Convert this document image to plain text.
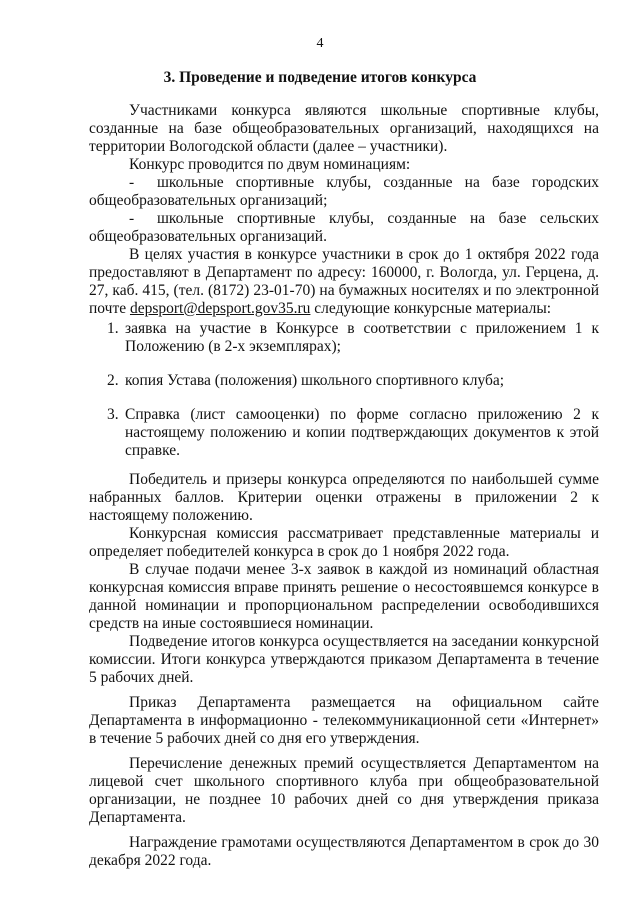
4
3. Проведение и подведение итогов конкурса

Участниками конкурса являются школьные спортивные клубы, созданные на базе общеобразовательных организаций, находящихся на территории Вологодской области (далее – участники).

Конкурс проводится по двум номинациям:

- школьные спортивные клубы, созданные на базе городских общеобразовательных организаций;

- школьные спортивные клубы, созданные на базе сельских общеобразовательных организаций.

В целях участия в конкурсе участники в срок до 1 октября 2022 года предоставляют в Департамент по адресу: 160000, г. Вологда, ул. Герцена, д. 27, каб. 415, (тел. (8172) 23-01-70) на бумажных носителях и по электронной почте depsport@depsport.gov35.ru следующие конкурсные материалы:

1. заявка на участие в Конкурсе в соответствии с приложением 1 к Положению (в 2-х экземплярах);
2. копия Устава (положения) школьного спортивного клуба;
3. Справка (лист самооценки) по форме согласно приложению 2 к настоящему положению и копии подтверждающих документов к этой справке.

Победитель и призеры конкурса определяются по наибольшей сумме набранных баллов. Критерии оценки отражены в приложении 2 к настоящему положению.

Конкурсная комиссия рассматривает представленные материалы и определяет победителей конкурса в срок до 1 ноября 2022 года.

В случае подачи менее 3-х заявок в каждой из номинаций областная конкурсная комиссия вправе принять решение о несостоявшемся конкурсе в данной номинации и пропорциональном распределении освободившихся средств на иные состоявшиеся номинации.

Подведение итогов конкурса осуществляется на заседании конкурсной комиссии. Итоги конкурса утверждаются приказом Департамента в течение 5 рабочих дней.

Приказ Департамента размещается на официальном сайте Департамента в информационно - телекоммуникационной сети «Интернет» в течение 5 рабочих дней со дня его утверждения.

Перечисление денежных премий осуществляется Департаментом на лицевой счет школьного спортивного клуба при общеобразовательной организации, не позднее 10 рабочих дней со дня утверждения приказа Департамента.

Награждение грамотами осуществляются Департаментом в срок до 30 декабря 2022 года.
